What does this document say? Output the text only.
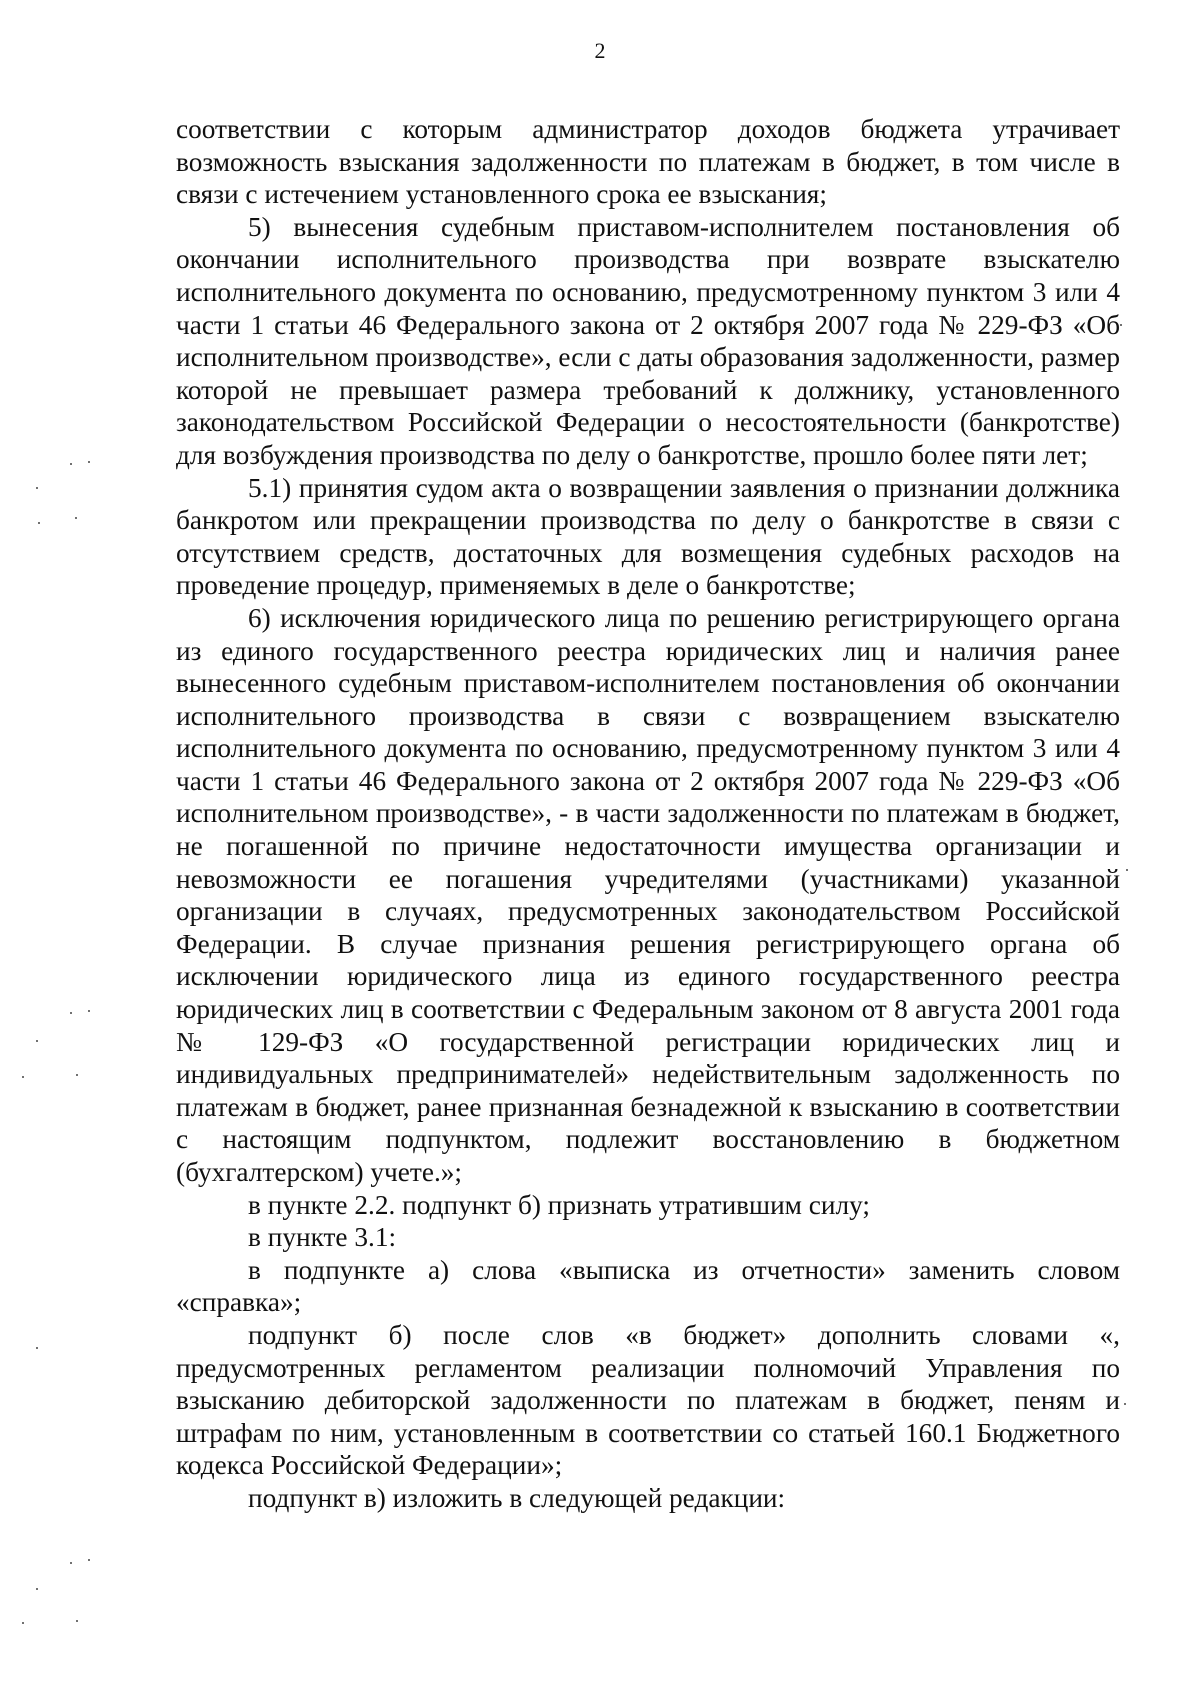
2

соответствии с которым администратор доходов бюджета утрачивает возможность взыскания задолженности по платежам в бюджет, в том числе в связи с истечением установленного срока ее взыскания;

5) вынесения судебным приставом-исполнителем постановления об окончании исполнительного производства при возврате взыскателю исполнительного документа по основанию, предусмотренному пунктом 3 или 4 части 1 статьи 46 Федерального закона от 2 октября 2007 года № 229-ФЗ «Об исполнительном производстве», если с даты образования задолженности, размер которой не превышает размера требований к должнику, установленного законодательством Российской Федерации о несостоятельности (банкротстве) для возбуждения производства по делу о банкротстве, прошло более пяти лет;

5.1) принятия судом акта о возвращении заявления о признании должника банкротом или прекращении производства по делу о банкротстве в связи с отсутствием средств, достаточных для возмещения судебных расходов на проведение процедур, применяемых в деле о банкротстве;

6) исключения юридического лица по решению регистрирующего органа из единого государственного реестра юридических лиц и наличия ранее вынесенного судебным приставом-исполнителем постановления об окончании исполнительного производства в связи с возвращением взыскателю исполнительного документа по основанию, предусмотренному пунктом 3 или 4 части 1 статьи 46 Федерального закона от 2 октября 2007 года № 229-ФЗ «Об исполнительном производстве», - в части задолженности по платежам в бюджет, не погашенной по причине недостаточности имущества организации и невозможности ее погашения учредителями (участниками) указанной организации в случаях, предусмотренных законодательством Российской Федерации. В случае признания решения регистрирующего органа об исключении юридического лица из единого государственного реестра юридических лиц в соответствии с Федеральным законом от 8 августа 2001 года № 129-ФЗ «О государственной регистрации юридических лиц и индивидуальных предпринимателей» недействительным задолженность по платежам в бюджет, ранее признанная безнадежной к взысканию в соответствии с настоящим подпунктом, подлежит восстановлению в бюджетном (бухгалтерском) учете.»;

в пункте 2.2. подпункт б) признать утратившим силу;

в пункте 3.1:

в подпункте а) слова «выписка из отчетности» заменить словом «справка»;

подпункт б) после слов «в бюджет» дополнить словами «, предусмотренных регламентом реализации полномочий Управления по взысканию дебиторской задолженности по платежам в бюджет, пеням и штрафам по ним, установленным в соответствии со статьей 160.1 Бюджетного кодекса Российской Федерации»;

подпункт в) изложить в следующей редакции:
